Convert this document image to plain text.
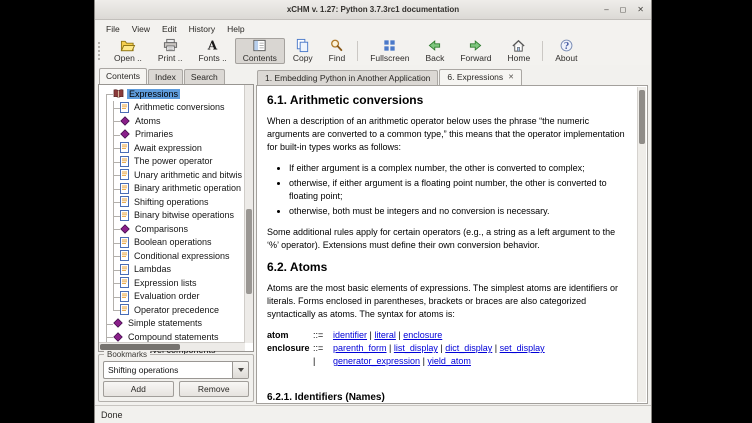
xCHM v. 1.27: Python 3.7.3rc1 documentation	– ◻ ✕
File	View	Edit	History	Help
Open .. Print ..
A
Fonts .. Contents Copy Find	Fullscreen Back Forward Home
?
About
Contents	Index	Search
Expressions
Arithmetic conversions
Atoms
Primaries
Await expression
The power operator
Unary arithmetic and bitwis
Binary arithmetic operation
Shifting operations
Binary bitwise operations
Comparisons
Boolean operations
Conditional expressions
Lambdas
Expression lists
Evaluation order
Operator precedence
Simple statements
Compound statements
Bookmarks
Shifting operations
Add	Remove
1. Embedding Python in Another Application 6. Expressions ✕
6.1. Arithmetic conversions

When a description of an arithmetic operator below uses the phrase “the numeric arguments are converted to a common type,” this means that the operator implementation for built-in types works as follows:

• If either argument is a complex number, the other is converted to complex;
• otherwise, if either argument is a floating point number, the other is converted to floating point;
• otherwise, both must be integers and no conversion is necessary.

Some additional rules apply for certain operators (e.g., a string as a left argument to the ‘%’ operator). Extensions must define their own conversion behavior.

6.2. Atoms

Atoms are the most basic elements of expressions. The simplest atoms are identifiers or literals. Forms enclosed in parentheses, brackets or braces are also categorized syntactically as atoms. The syntax for atoms is:

atom	::=	identifier | literal | enclosure
enclosure ::=	parenth_form | list_display | dict_display | set_display
|	generator_expression | yield_atom
6.2.1. Identifiers (Names)
Done
